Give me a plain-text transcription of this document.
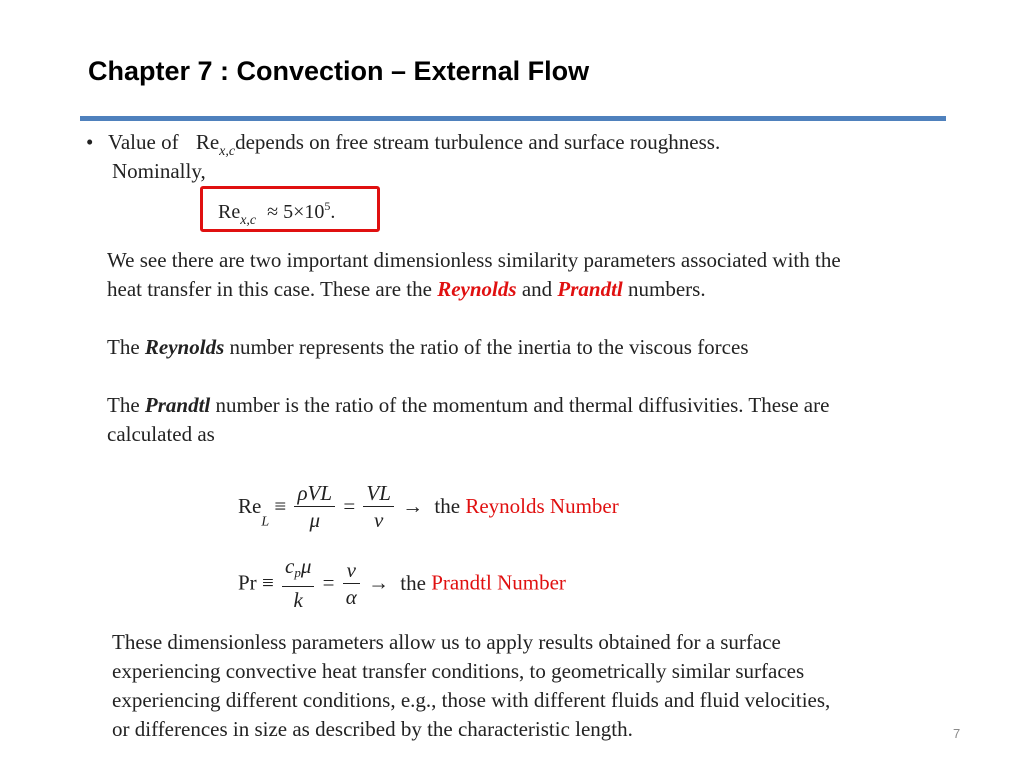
Chapter 7 : Convection – External Flow
• Value of $Re_{x,c}depends$ on free stream turbulence and surface roughness.
Nominally,
$Re_{x,c} \approx 5\times 10^5$.
We see there are two important dimensionless similarity parameters associated with the
heat transfer in this case. These are the Reynolds and Prandtl numbers.
The Reynolds number represents the ratio of the inertia to the viscous forces
The Prandtl number is the ratio of the momentum and thermal diffusivities. These are
calculated as
$Re_L \equiv \frac{\text{ρVL}}{\mu} = \frac{VL}{v}$ → the Reynolds Number
$Pr \equiv \frac{c_p\mu}{k} = \frac{v}{\alpha}$ → the Prandtl Number
These dimensionless parameters allow us to apply results obtained for a surface
experiencing convective heat transfer conditions, to geometrically similar surfaces
experiencing different conditions, e.g., those with different fluids and fluid velocities,
or differences in size as described by the characteristic length.	7
